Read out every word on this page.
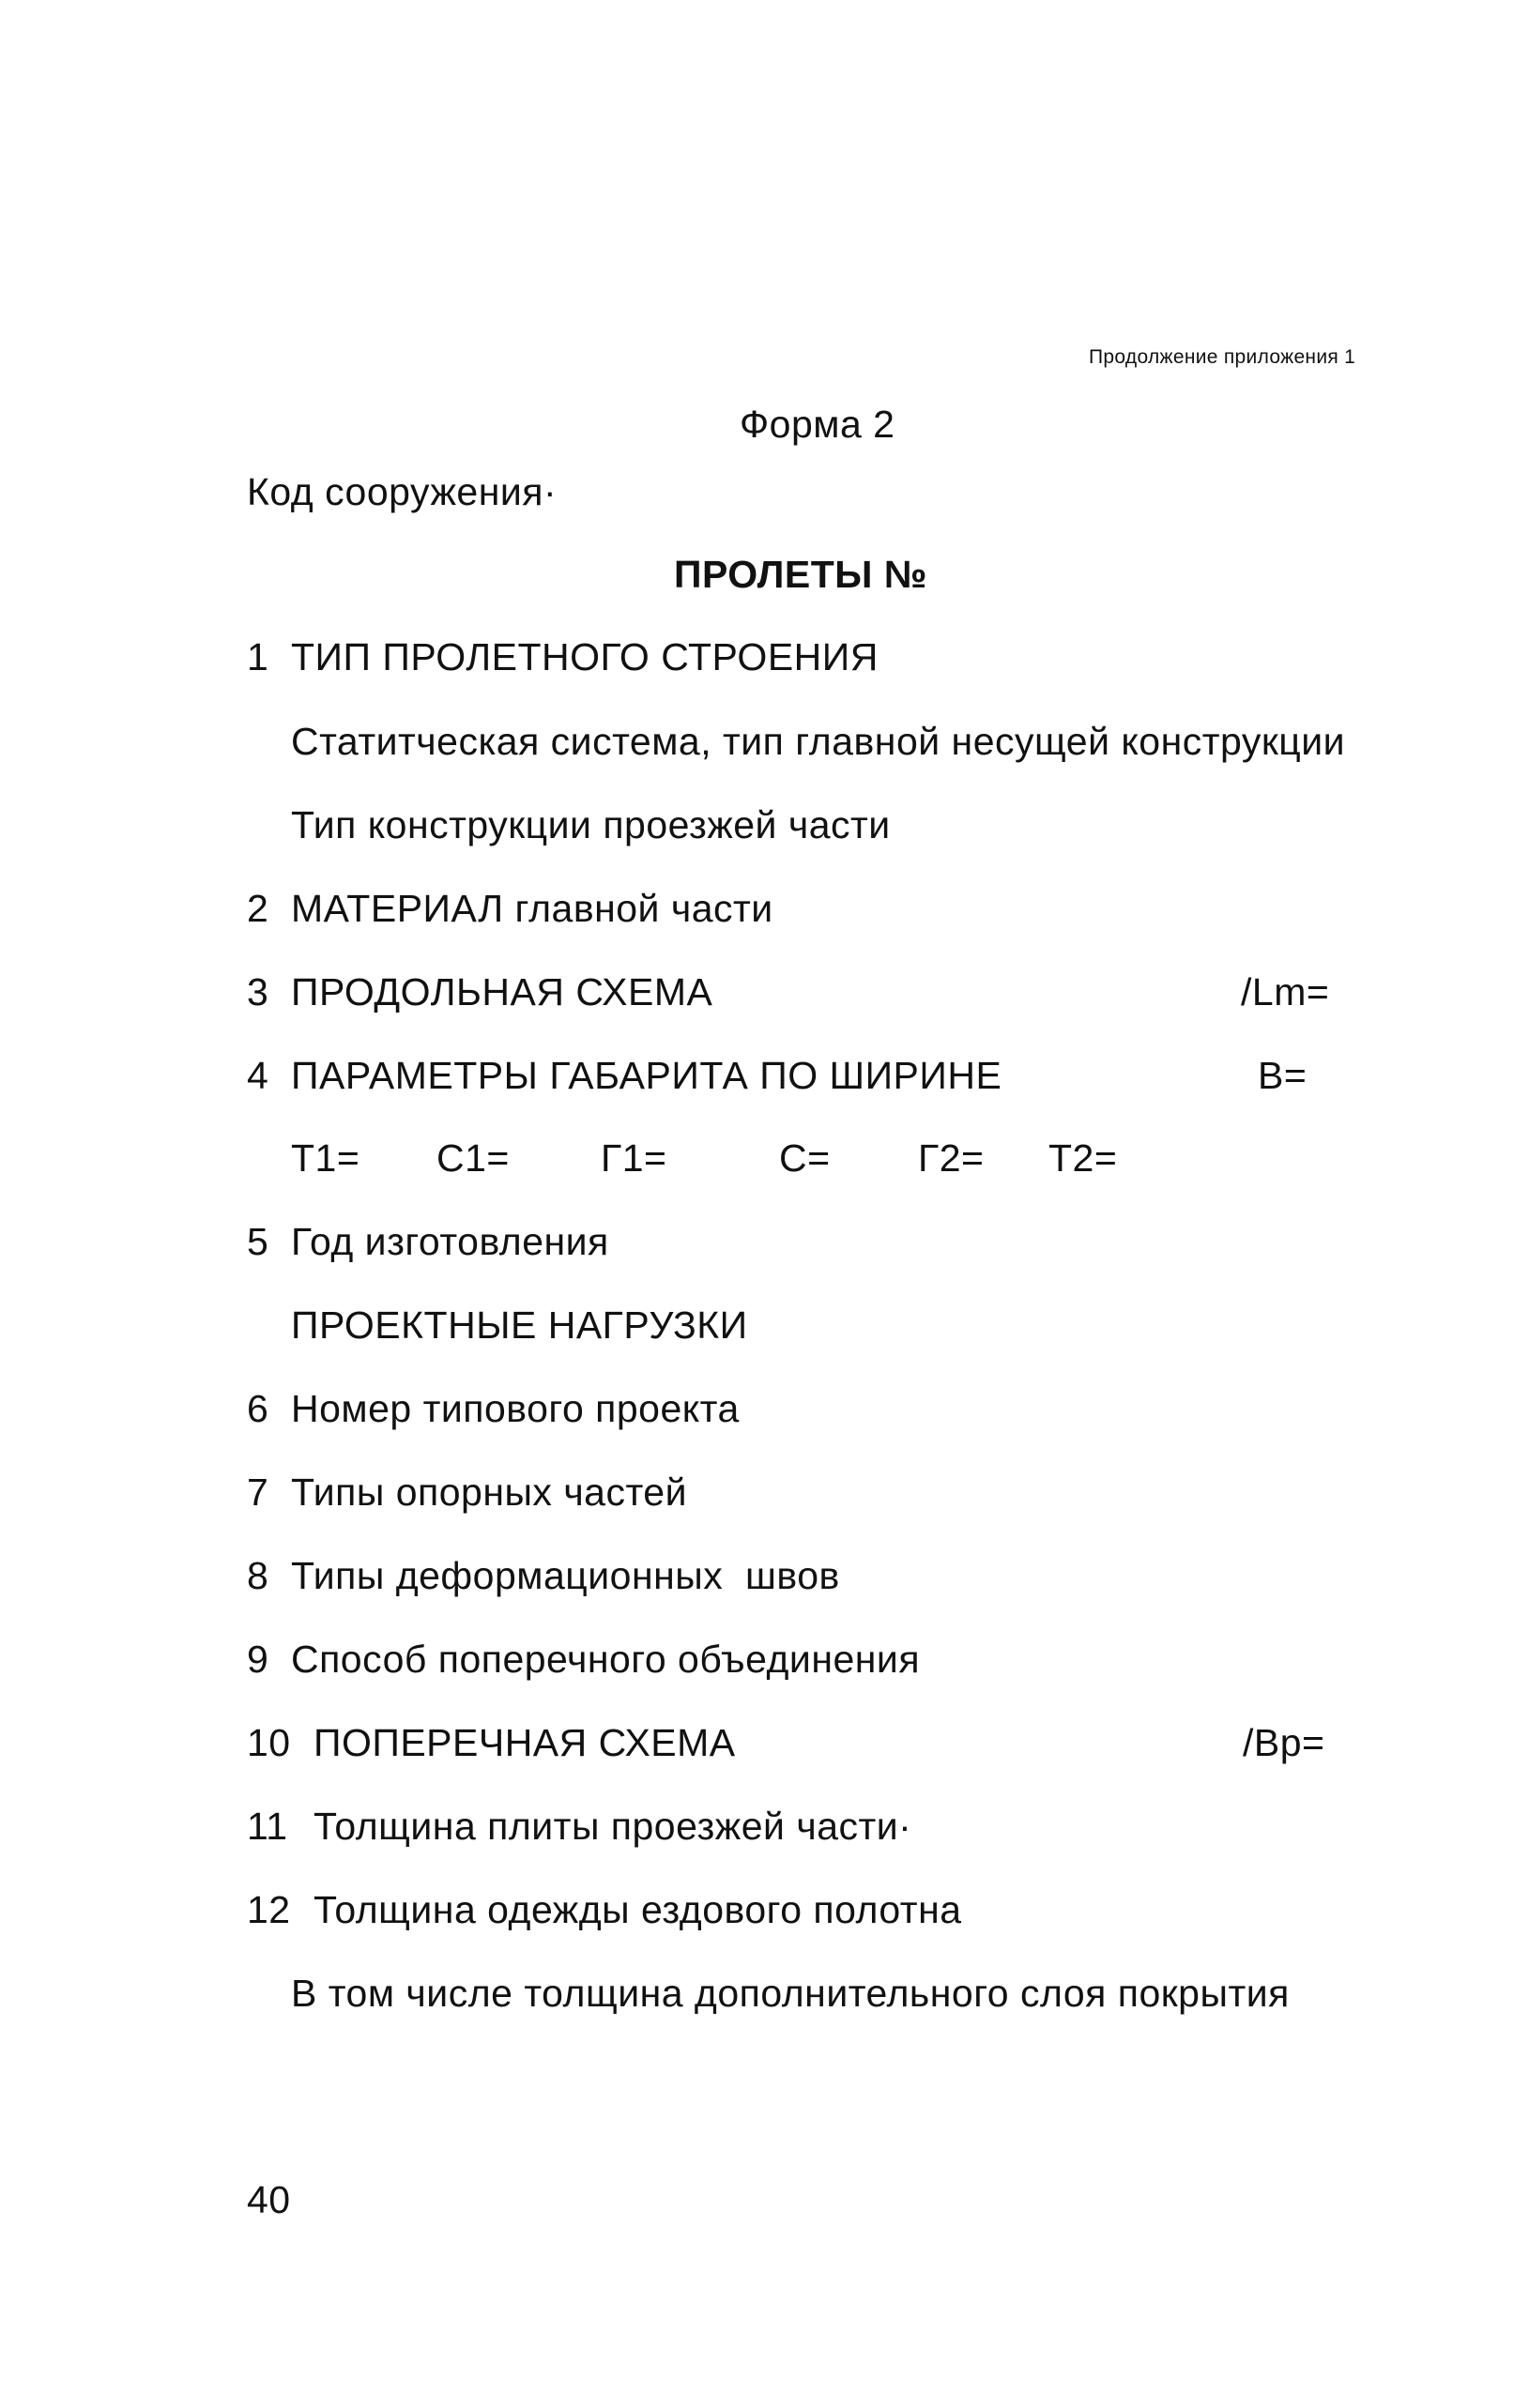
Продолжение приложения 1
Форма 2
Код сооружения·
ПРОЛЕТЫ №
1 ТИП ПРОЛЕТНОГО СТРОЕНИЯ
Статитческая система, тип главной несущей конструкции
Тип конструкции проезжей части
2 МАТЕРИАЛ главной части
3 ПРОДОЛЬНАЯ СХЕМА	/Lm=
4 ПАРАМЕТРЫ ГАБАРИТА ПО ШИРИНЕ	B=
Т1= С1= Г1=	С= Г2= Т2=
5 Год изготовления
ПРОЕКТНЫЕ НАГРУЗКИ
6 Номер типового проекта
7 Типы опорных частей
8 Типы деформационных  швов
9 Способ поперечного объединения
10 ПОПЕРЕЧНАЯ СХЕМА	/Bp=
11 Толщина плиты проезжей части·
12 Толщина одежды ездового полотна
В том числе толщина дополнительного слоя покрытия
40
